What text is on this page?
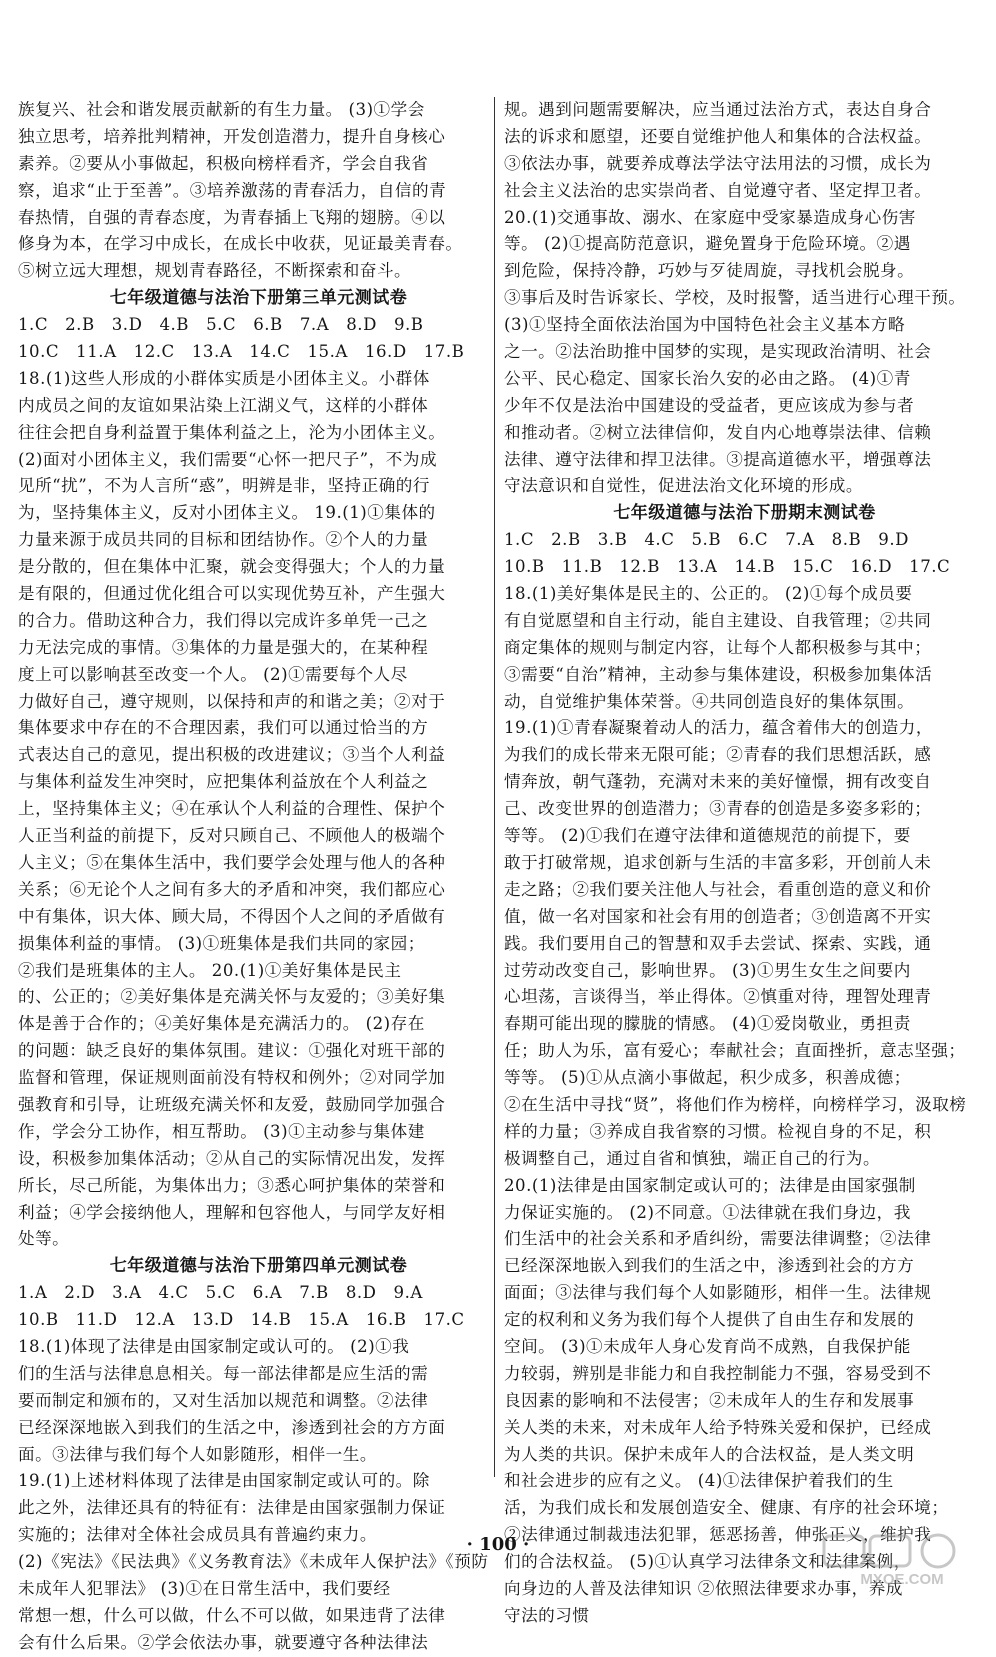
族复兴、社会和谐发展贡献新的有生力量。 (3)①学会
独立思考，培养批判精神，开发创造潜力，提升自身核心
素养。②要从小事做起，积极向榜样看齐，学会自我省
察，追求“止于至善”。③培养激荡的青春活力，自信的青
春热情，自强的青春态度，为青春插上飞翔的翅膀。④以
修身为本，在学习中成长，在成长中收获，见证最美青春。
⑤树立远大理想，规划青春路径，不断探索和奋斗。
七年级道德与法治下册第三单元测试卷
1.C　2.B　3.D　4.B　5.C　6.B　7.A　8.D　9.B
10.C　11.A　12.C　13.A　14.C　15.A　16.D　17.B
18.(1)这些人形成的小群体实质是小团体主义。小群体
内成员之间的友谊如果沾染上江湖义气，这样的小群体
往往会把自身利益置于集体利益之上，沦为小团体主义。
(2)面对小团体主义，我们需要“心怀一把尺子”，不为成
见所“扰”，不为人言所“惑”，明辨是非，坚持正确的行
为，坚持集体主义，反对小团体主义。 19.(1)①集体的
力量来源于成员共同的目标和团结协作。②个人的力量
是分散的，但在集体中汇聚，就会变得强大；个人的力量
是有限的，但通过优化组合可以实现优势互补，产生强大
的合力。借助这种合力，我们得以完成许多单凭一己之
力无法完成的事情。③集体的力量是强大的，在某种程
度上可以影响甚至改变一个人。 (2)①需要每个人尽
力做好自己，遵守规则，以保持和声的和谐之美；②对于
集体要求中存在的不合理因素，我们可以通过恰当的方
式表达自己的意见，提出积极的改进建议；③当个人利益
与集体利益发生冲突时，应把集体利益放在个人利益之
上，坚持集体主义；④在承认个人利益的合理性、保护个
人正当利益的前提下，反对只顾自己、不顾他人的极端个
人主义；⑤在集体生活中，我们要学会处理与他人的各种
关系；⑥无论个人之间有多大的矛盾和冲突，我们都应心
中有集体，识大体、顾大局，不得因个人之间的矛盾做有
损集体利益的事情。 (3)①班集体是我们共同的家园；
②我们是班集体的主人。 20.(1)①美好集体是民主
的、公正的；②美好集体是充满关怀与友爱的；③美好集
体是善于合作的；④美好集体是充满活力的。 (2)存在
的问题：缺乏良好的集体氛围。建议：①强化对班干部的
监督和管理，保证规则面前没有特权和例外；②对同学加
强教育和引导，让班级充满关怀和友爱，鼓励同学加强合
作，学会分工协作，相互帮助。 (3)①主动参与集体建
设，积极参加集体活动；②从自己的实际情况出发，发挥
所长，尽己所能，为集体出力；③悉心呵护集体的荣誉和
利益；④学会接纳他人，理解和包容他人，与同学友好相
处等。
七年级道德与法治下册第四单元测试卷
1.A　2.D　3.A　4.C　5.C　6.A　7.B　8.D　9.A
10.B　11.D　12.A　13.D　14.B　15.A　16.B　17.C
18.(1)体现了法律是由国家制定或认可的。 (2)①我
们的生活与法律息息相关。每一部法律都是应生活的需
要而制定和颁布的，又对生活加以规范和调整。②法律
已经深深地嵌入到我们的生活之中，渗透到社会的方方面
面。③法律与我们每个人如影随形，相伴一生。
19.(1)上述材料体现了法律是由国家制定或认可的。除
此之外，法律还具有的特征有：法律是由国家强制力保证
实施的；法律对全体社会成员具有普遍约束力。
(2)《宪法》《民法典》《义务教育法》《未成年人保护法》《预防
未成年人犯罪法》 (3)①在日常生活中，我们要经
常想一想，什么可以做，什么不可以做，如果违背了法律
会有什么后果。②学会依法办事，就要遵守各种法律法
规。遇到问题需要解决，应当通过法治方式，表达自身合
法的诉求和愿望，还要自觉维护他人和集体的合法权益。
③依法办事，就要养成尊法学法守法用法的习惯，成长为
社会主义法治的忠实崇尚者、自觉遵守者、坚定捍卫者。
20.(1)交通事故、溺水、在家庭中受家暴造成身心伤害
等。 (2)①提高防范意识，避免置身于危险环境。②遇
到危险，保持冷静，巧妙与歹徒周旋，寻找机会脱身。
③事后及时告诉家长、学校，及时报警，适当进行心理干预。
(3)①坚持全面依法治国为中国特色社会主义基本方略
之一。②法治助推中国梦的实现，是实现政治清明、社会
公平、民心稳定、国家长治久安的必由之路。 (4)①青
少年不仅是法治中国建设的受益者，更应该成为参与者
和推动者。②树立法律信仰，发自内心地尊崇法律、信赖
法律、遵守法律和捍卫法律。③提高道德水平，增强尊法
守法意识和自觉性，促进法治文化环境的形成。
七年级道德与法治下册期末测试卷
1.C　2.B　3.B　4.C　5.B　6.C　7.A　8.B　9.D
10.B　11.B　12.B　13.A　14.B　15.C　16.D　17.C
18.(1)美好集体是民主的、公正的。 (2)①每个成员要
有自觉愿望和自主行动，能自主建设、自我管理；②共同
商定集体的规则与制定内容，让每个人都积极参与其中；
③需要“自治”精神，主动参与集体建设，积极参加集体活
动，自觉维护集体荣誉。④共同创造良好的集体氛围。
19.(1)①青春凝聚着动人的活力，蕴含着伟大的创造力，
为我们的成长带来无限可能；②青春的我们思想活跃，感
情奔放，朝气蓬勃，充满对未来的美好憧憬，拥有改变自
己、改变世界的创造潜力；③青春的创造是多姿多彩的；
等等。 (2)①我们在遵守法律和道德规范的前提下，要
敢于打破常规，追求创新与生活的丰富多彩，开创前人未
走之路；②我们要关注他人与社会，看重创造的意义和价
值，做一名对国家和社会有用的创造者；③创造离不开实
践。我们要用自己的智慧和双手去尝试、探索、实践，通
过劳动改变自己，影响世界。 (3)①男生女生之间要内
心坦荡，言谈得当，举止得体。②慎重对待，理智处理青
春期可能出现的朦胧的情感。 (4)①爱岗敬业，勇担责
任；助人为乐，富有爱心；奉献社会；直面挫折，意志坚强；
等等。 (5)①从点滴小事做起，积少成多，积善成德；
②在生活中寻找“贤”，将他们作为榜样，向榜样学习，汲取榜
样的力量；③养成自我省察的习惯。检视自身的不足，积
极调整自己，通过自省和慎独，端正自己的行为。
20.(1)法律是由国家制定或认可的；法律是由国家强制
力保证实施的。 (2)不同意。①法律就在我们身边，我
们生活中的社会关系和矛盾纠纷，需要法律调整；②法律
已经深深地嵌入到我们的生活之中，渗透到社会的方方
面面；③法律与我们每个人如影随形，相伴一生。法律规
定的权利和义务为我们每个人提供了自由生存和发展的
空间。 (3)①未成年人身心发育尚不成熟，自我保护能
力较弱，辨别是非能力和自我控制能力不强，容易受到不
良因素的影响和不法侵害；②未成年人的生存和发展事
关人类的未来，对未成年人给予特殊关爱和保护，已经成
为人类的共识。保护未成年人的合法权益，是人类文明
和社会进步的应有之义。 (4)①法律保护着我们的生
活，为我们成长和发展创造安全、健康、有序的社会环境；
②法律通过制裁违法犯罪，惩恶扬善，伸张正义，维护我
们的合法权益。 (5)①认真学习法律条文和法律案例，
向身边的人普及法律知识 ②依照法律要求办事，养成
守法的习惯
· 100 ·
MXQE.COM
